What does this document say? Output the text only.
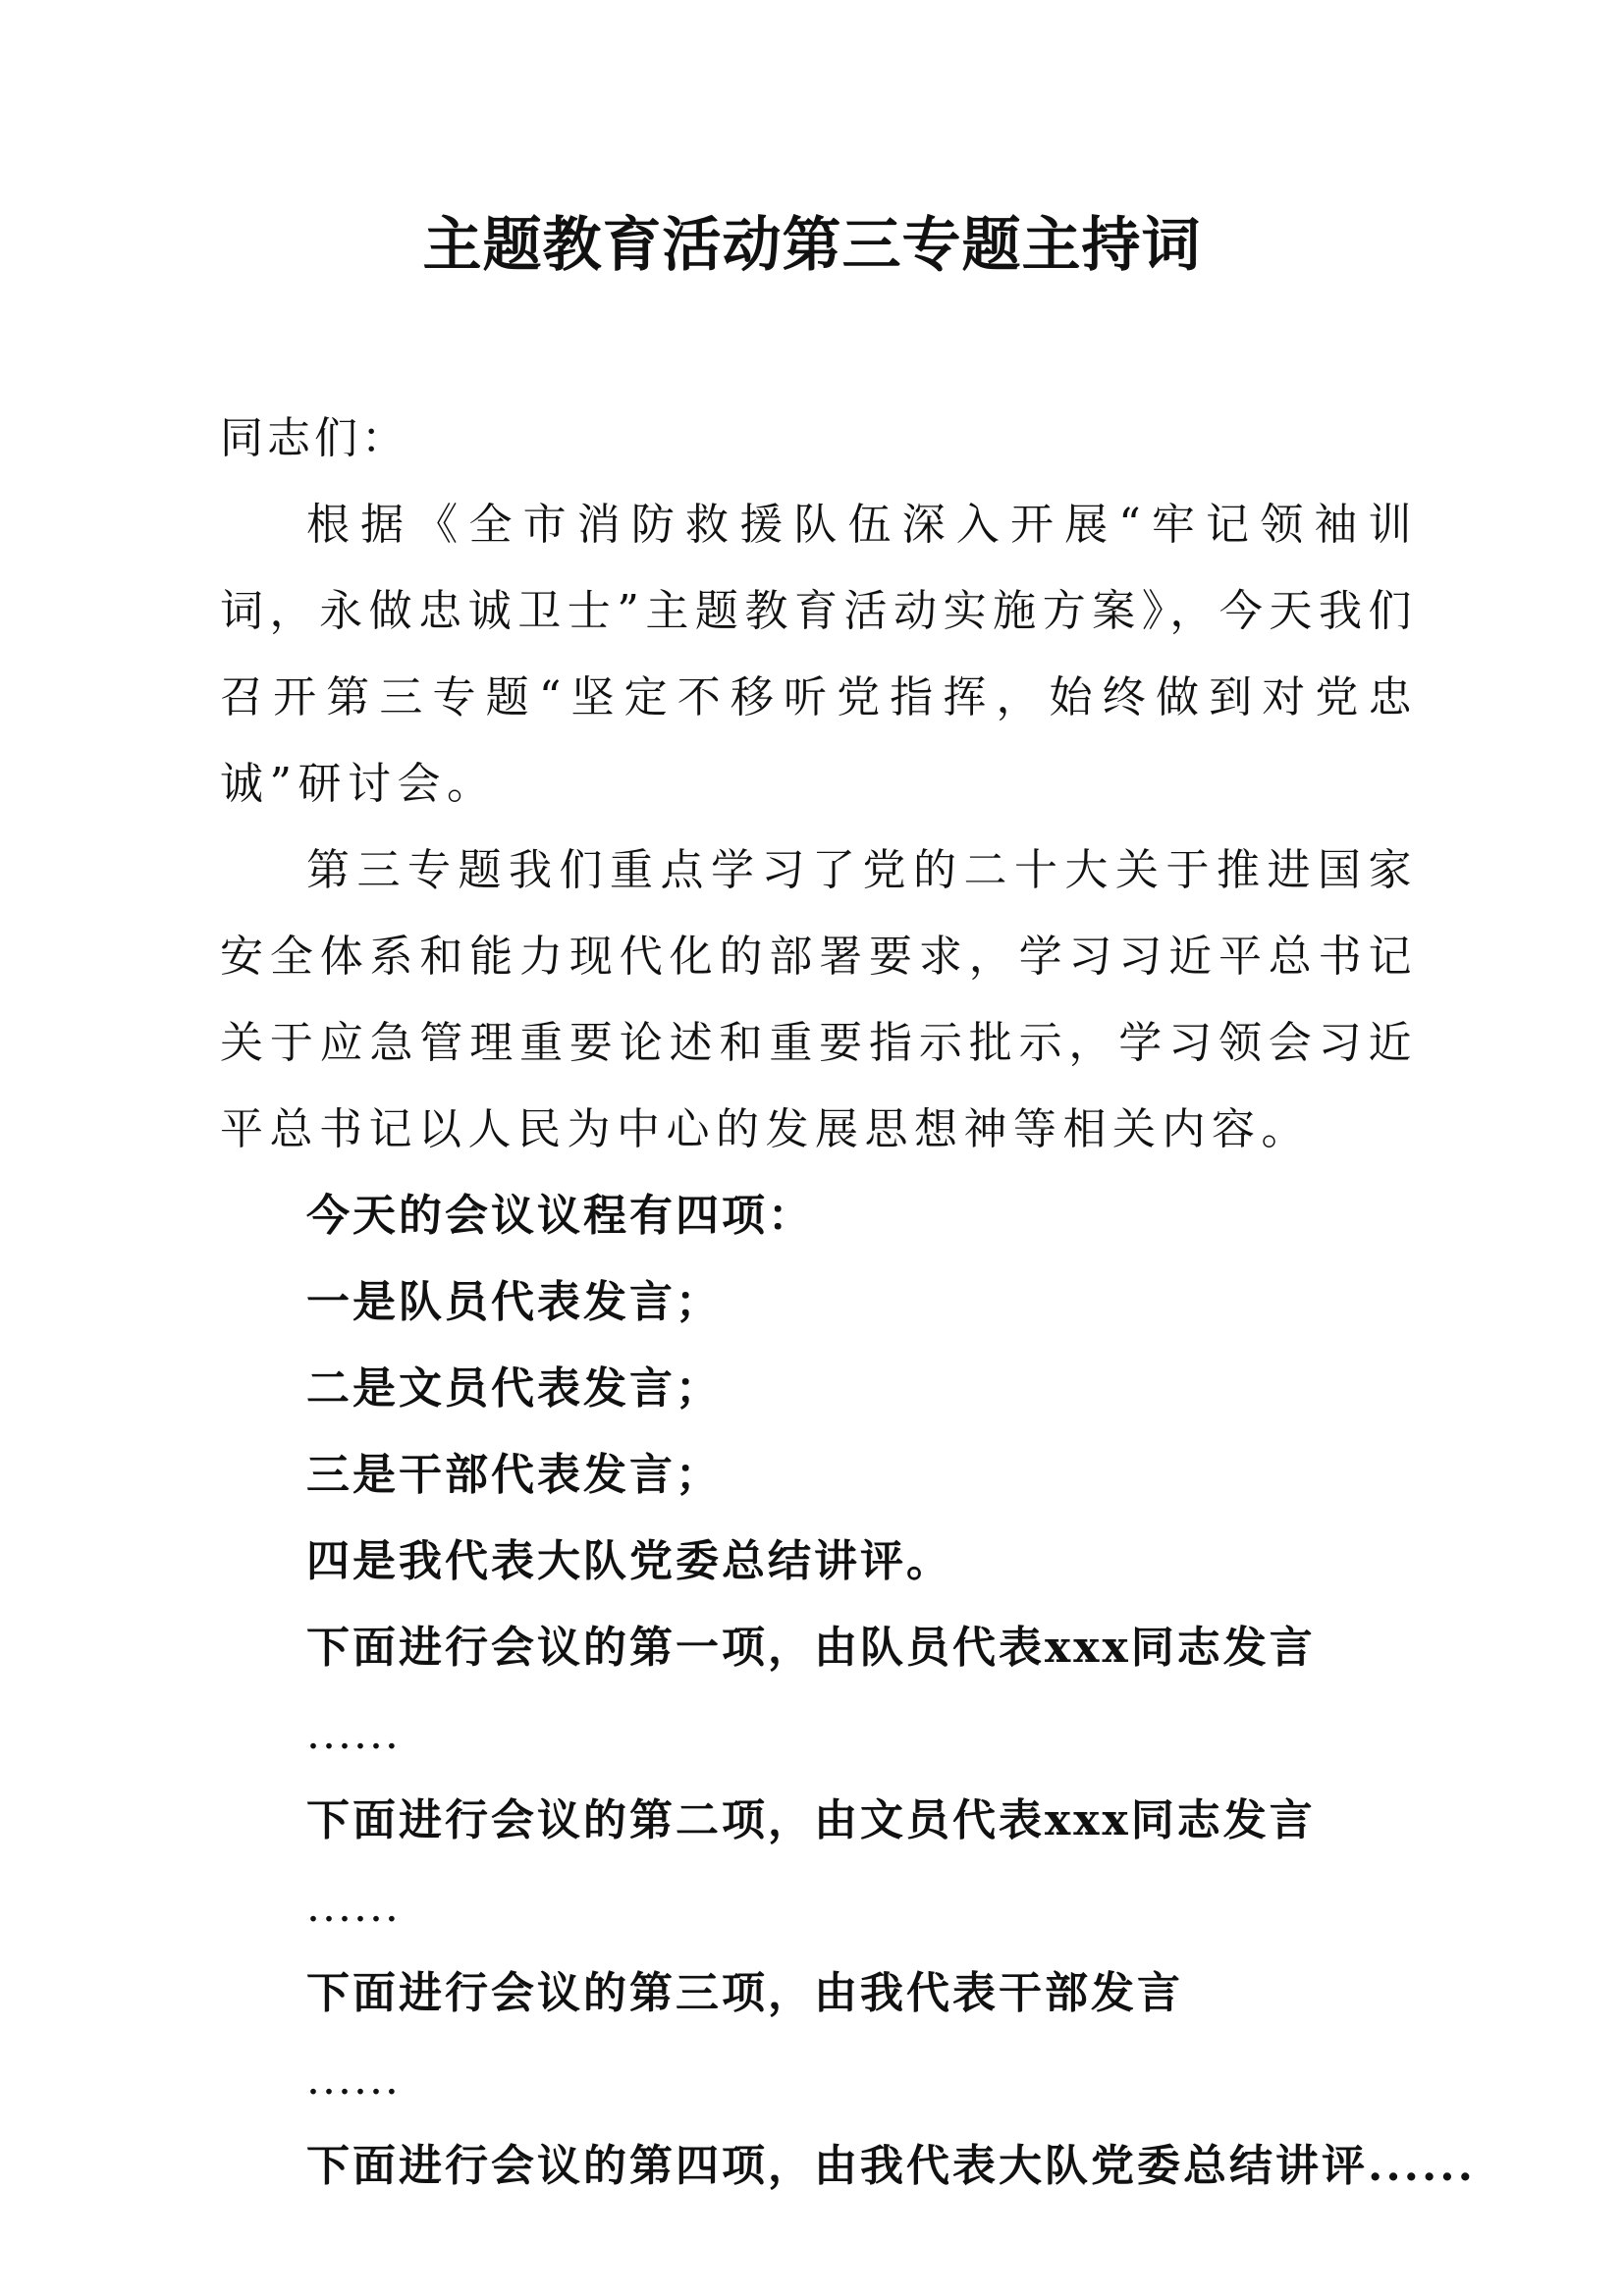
主题教育活动第三专题主持词

同志们：

根据《全市消防救援队伍深入开展“牢记领袖训词，永做忠诚卫士”主题教育活动实施方案》，今天我们召开第三专题“坚定不移听党指挥，始终做到对党忠诚”研讨会。

第三专题我们重点学习了党的二十大关于推进国家安全体系和能力现代化的部署要求，学习习近平总书记关于应急管理重要论述和重要指示批示，学习领会习近平总书记以人民为中心的发展思想神等相关内容。

今天的会议议程有四项：

一是队员代表发言；

二是文员代表发言；

三是干部代表发言；

四是我代表大队党委总结讲评。

下面进行会议的第一项，由队员代表xxx同志发言

......

下面进行会议的第二项，由文员代表xxx同志发言

......

下面进行会议的第三项，由我代表干部发言

......

下面进行会议的第四项，由我代表大队党委总结讲评......
